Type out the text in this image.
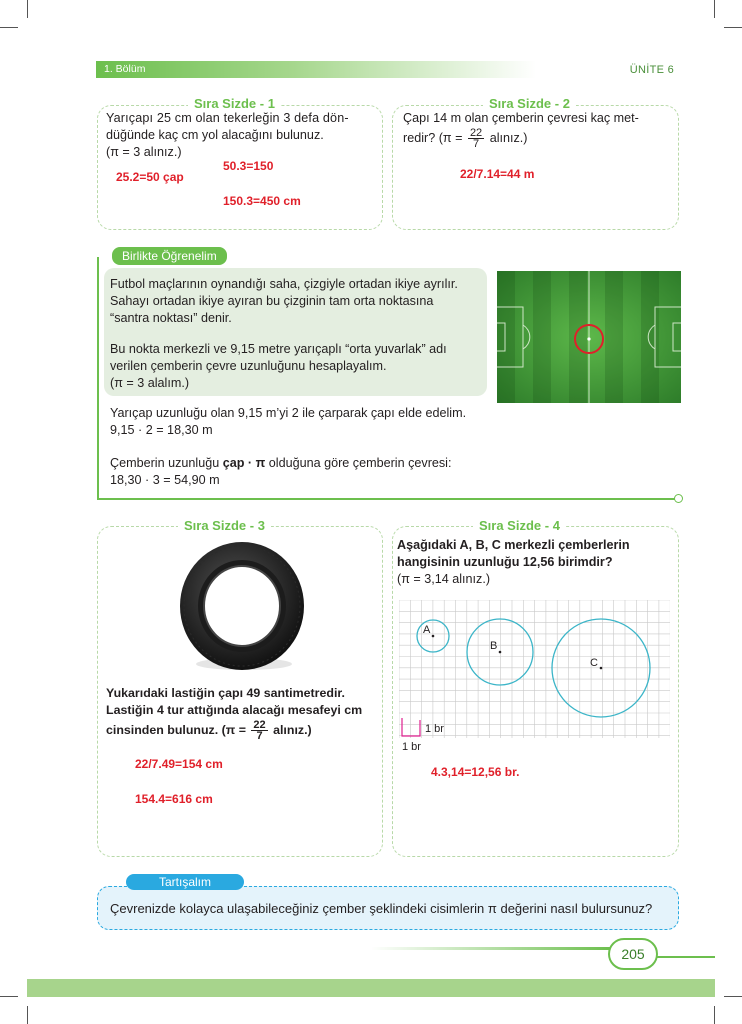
1. Bölüm	ÜNİTE 6
Sıra Sizde - 1
Yarıçapı 25 cm olan tekerleğin 3 defa dön-
düğünde kaç cm yol alacağını bulunuz.
(π = 3 alınız.)
25.2=50 çap
50.3=150
150.3=450 cm
Sıra Sizde - 2
Çapı 14 m olan çemberin çevresi kaç met-
redir? ($\pi = \frac{22}{7}$ alınız.)
22/7.14=44 m
Birlikte Öğrenelim
Futbol maçlarının oynandığı saha, çizgiyle ortadan ikiye ayrılır.
Sahayı ortadan ikiye ayıran bu çizginin tam orta noktasına
“santra noktası” denir.
Bu nokta merkezli ve 9,15 metre yarıçaplı “orta yuvarlak” adı
verilen çemberin çevre uzunluğunu hesaplayalım.
(π = 3 alalım.)
Yarıçap uzunluğu olan 9,15 m’yi 2 ile çarparak çapı elde edelim.
9,15 · 2 = 18,30 m
Çemberin uzunluğu çap · π olduğuna göre çemberin çevresi:
18,30 · 3 = 54,90 m
Sıra Sizde - 3
Yukarıdaki lastiğin çapı 49 santimetredir.
Lastiğin 4 tur attığında alacağı mesafeyi cm
cinsinden bulunuz. ($\pi = \frac{22}{7}$ alınız.)
22/7.49=154 cm
154.4=616 cm
Sıra Sizde - 4
Aşağıdaki A, B, C merkezli çemberlerin
hangisinin uzunluğu 12,56 birimdir?
(π = 3,14 alınız.)
A
B
C
1 br
1 br
4.3,14=12,56 br.
Tartışalım
Çevrenizde kolayca ulaşabileceğiniz çember şeklindeki cisimlerin π değerini nasıl bulursunuz?
205
